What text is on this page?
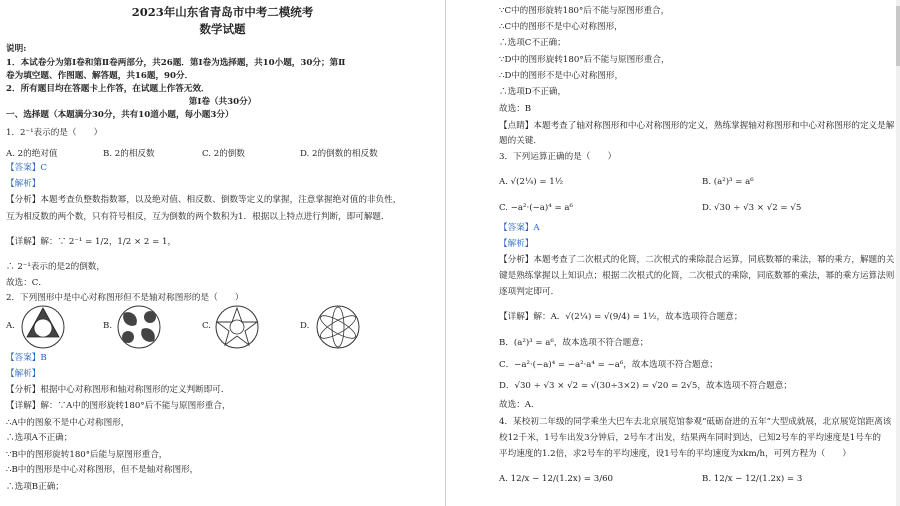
2023年山东省青岛市中考二模统考
数学试题
说明:
1．本试卷分为第Ⅰ卷和第Ⅱ卷两部分，共26题．第Ⅰ卷为选择题，共10小题，30分；第Ⅱ
卷为填空题、作图题、解答题，共16题，90分．
2．所有题目均在答题卡上作答，在试题上作答无效．
第Ⅰ卷（共30分）
一、选择题（本题满分30分，共有10道小题，每小题3分）
1．2⁻¹表示的是（　　）
A. 2的绝对值	B. 2的相反数	C. 2的倒数	D. 2的倒数的相反数
【答案】C
【解析】
【分析】本题考查负整数指数幂，以及绝对值、相反数、倒数等定义的掌握，注意掌握绝对值的非负性，
互为相反数的两个数，只有符号相反，互为倒数的两个数积为1．根据以上特点进行判断，即可解题．
【详解】解：∵ 2⁻¹ = 1/2，1/2 × 2 = 1，
∴ 2⁻¹表示的是2的倒数，
故选：C．
2．下列图形中是中心对称图形但不是轴对称图形的是（　　）
A.	B.	C.	D.
【答案】B
【解析】
【分析】根据中心对称图形和轴对称图形的定义判断即可．
【详解】解：∵A中的图形旋转180°后不能与原图形重合，
∴A中的图象不是中心对称图形，
∴选项A不正确；
∵B中的图形旋转180°后能与原图形重合，
∴B中的图形是中心对称图形，但不是轴对称图形，
∴选项B正确；
∵C中的图形旋转180°后不能与原图形重合，
∴C中的图形不是中心对称图形，
∴选项C不正确；
∵D中的图形旋转180°后不能与原图形重合，
∴D中的图形不是中心对称图形，
∴选项D不正确，
故选：B
【点睛】本题考查了轴对称图形和中心对称图形的定义，熟练掌握轴对称图形和中心对称图形的定义是解
题的关键．
3．下列运算正确的是（　　）
A. √(2¼) = 1½	B. (a²)³ = a⁶
C. −a²·(−a)⁴ = a⁶	D. √30 ÷ √3 × √2 = √5
【答案】A
【解析】
【分析】本题考查了二次根式的化简，二次根式的乘除混合运算，同底数幂的乘法，幂的乘方，解题的关
键是熟练掌握以上知识点；根据二次根式的化简，二次根式的乘除，同底数幂的乘法，幂的乘方运算法则
逐项判定即可．
【详解】解：A．√(2¼) = √(9/4) = 1½，故本选项符合题意；
B．(a²)³ = a⁶，故本选项不符合题意；
C．−a²·(−a)⁴ = −a²·a⁴ = −a⁶，故本选项不符合题意；
D．√30 ÷ √3 × √2 = √(30÷3×2) = √20 = 2√5，故本选项不符合题意；
故选：A．
4．某校初二年级的同学乘坐大巴车去北京展览馆参观“砥砺奋进的五年”大型成就展，北京展览馆距离该
校12千米，1号车出发3分钟后，2号车才出发，结果两车同时到达，已知2号车的平均速度是1号车的
平均速度的1.2倍，求2号车的平均速度，设1号车的平均速度为xkm/h，可列方程为（　　）
A. 12/x − 12/(1.2x) = 3/60	B. 12/x − 12/(1.2x) = 3
